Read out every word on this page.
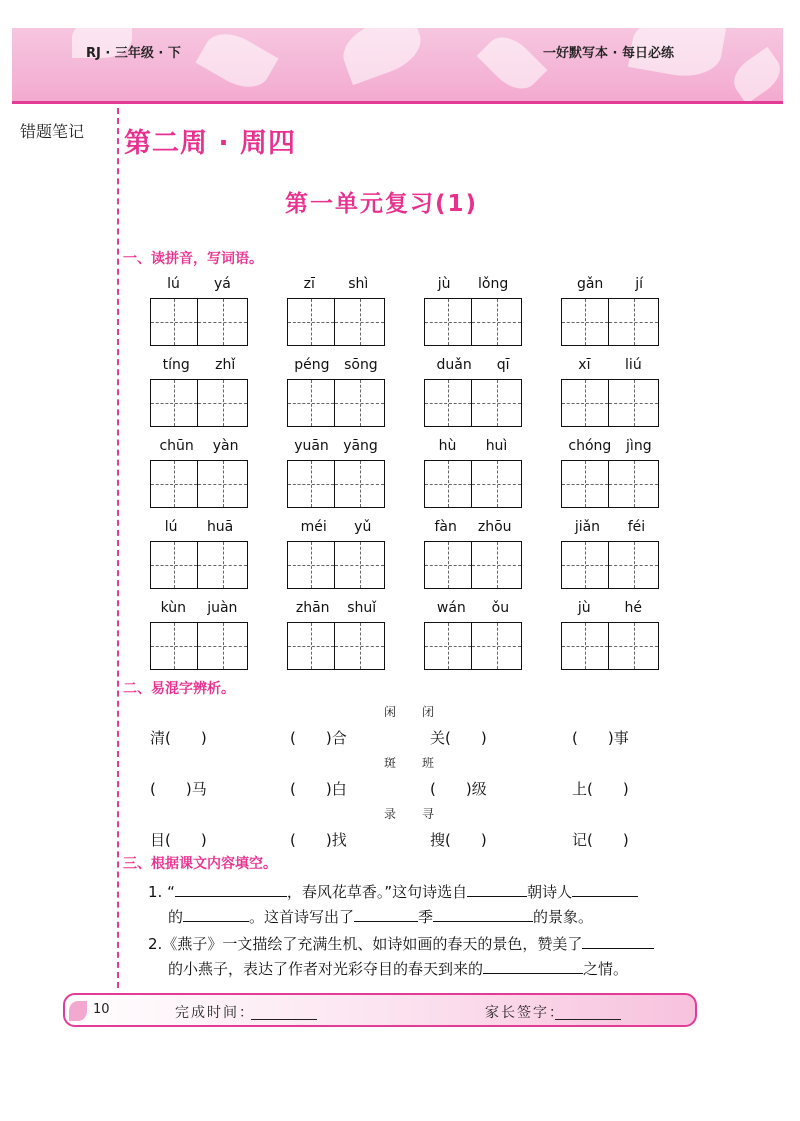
RJ · 三年级 · 下	一好默写本 · 每日必练
错题笔记 第二周 · 周四
第一单元复习(1)
一、读拼音，写词语。
lú yá	zī shì	jù lǒng	gǎn jí
tíng zhǐ	péng sōng	duǎn qī	xī liú
chūn yàn	yuān yāng	hù huì	chóng jìng
lú huā	méi yǔ	fàn zhōu	jiǎn féi
kùn juàn	zhān shuǐ	wán ǒu	jù hé
二、易混字辨析。
闲闭
清(　　)	(　　)合	关(　　)	(　　)事
斑班
(　　)马	(　　)白	(　　)级	上(　　)
录寻
目(　　)	(　　)找	搜(　　)	记(　　)
三、根据课文内容填空。
1. “	，春风花草香。”这句诗选自	朝诗人
的	。这首诗写出了	季	的景象。
2.《燕子》一文描绘了充满生机、如诗如画的春天的景色，赞美了
的小燕子，表达了作者对光彩夺目的春天到来的	之情。
10	完成时间：	家长签字：
